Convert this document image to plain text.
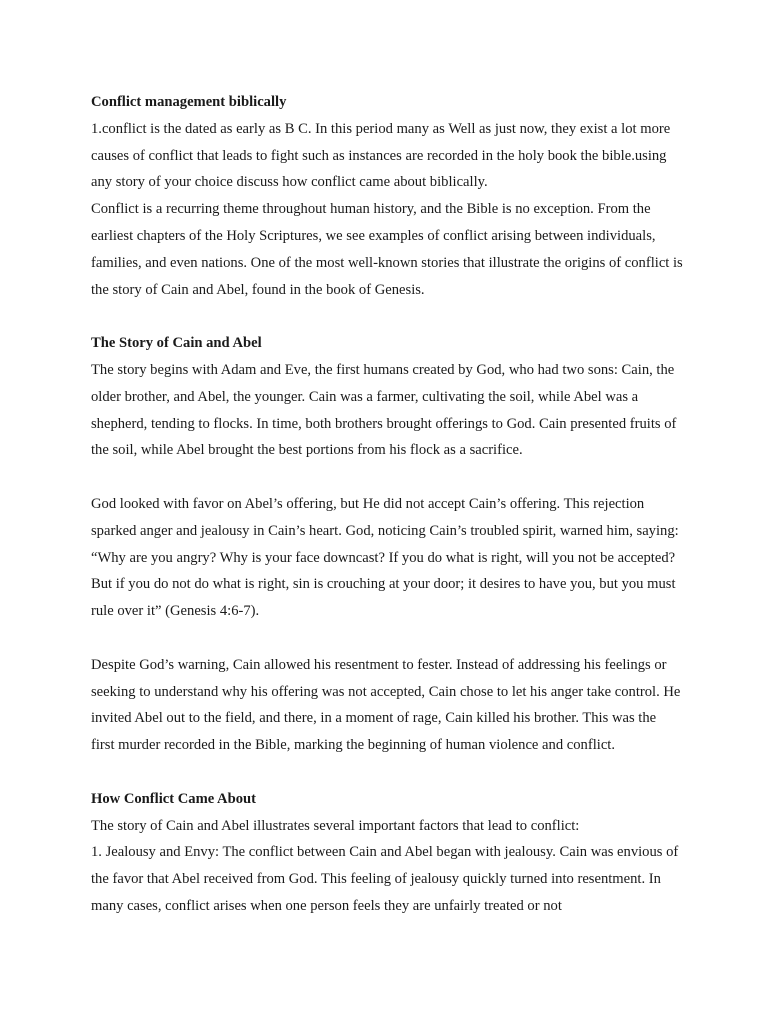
Conflict management biblically

1.conflict is the dated as early as B C. In this period many as Well as just now, they exist a lot more causes of conflict that leads to fight such as instances are recorded in the holy book the bible.using any story of your choice discuss how conflict came about biblically.

Conflict is a recurring theme throughout human history, and the Bible is no exception. From the earliest chapters of the Holy Scriptures, we see examples of conflict arising between individuals, families, and even nations. One of the most well-known stories that illustrate the origins of conflict is the story of Cain and Abel, found in the book of Genesis.

The Story of Cain and Abel

The story begins with Adam and Eve, the first humans created by God, who had two sons: Cain, the older brother, and Abel, the younger. Cain was a farmer, cultivating the soil, while Abel was a shepherd, tending to flocks. In time, both brothers brought offerings to God. Cain presented fruits of the soil, while Abel brought the best portions from his flock as a sacrifice.

God looked with favor on Abel’s offering, but He did not accept Cain’s offering. This rejection sparked anger and jealousy in Cain’s heart. God, noticing Cain’s troubled spirit, warned him, saying: “Why are you angry? Why is your face downcast? If you do what is right, will you not be accepted? But if you do not do what is right, sin is crouching at your door; it desires to have you, but you must rule over it” (Genesis 4:6-7).

Despite God’s warning, Cain allowed his resentment to fester. Instead of addressing his feelings or seeking to understand why his offering was not accepted, Cain chose to let his anger take control. He invited Abel out to the field, and there, in a moment of rage, Cain killed his brother. This was the first murder recorded in the Bible, marking the beginning of human violence and conflict.

How Conflict Came About

The story of Cain and Abel illustrates several important factors that lead to conflict:

1. Jealousy and Envy: The conflict between Cain and Abel began with jealousy. Cain was envious of the favor that Abel received from God. This feeling of jealousy quickly turned into resentment. In many cases, conflict arises when one person feels they are unfairly treated or not
